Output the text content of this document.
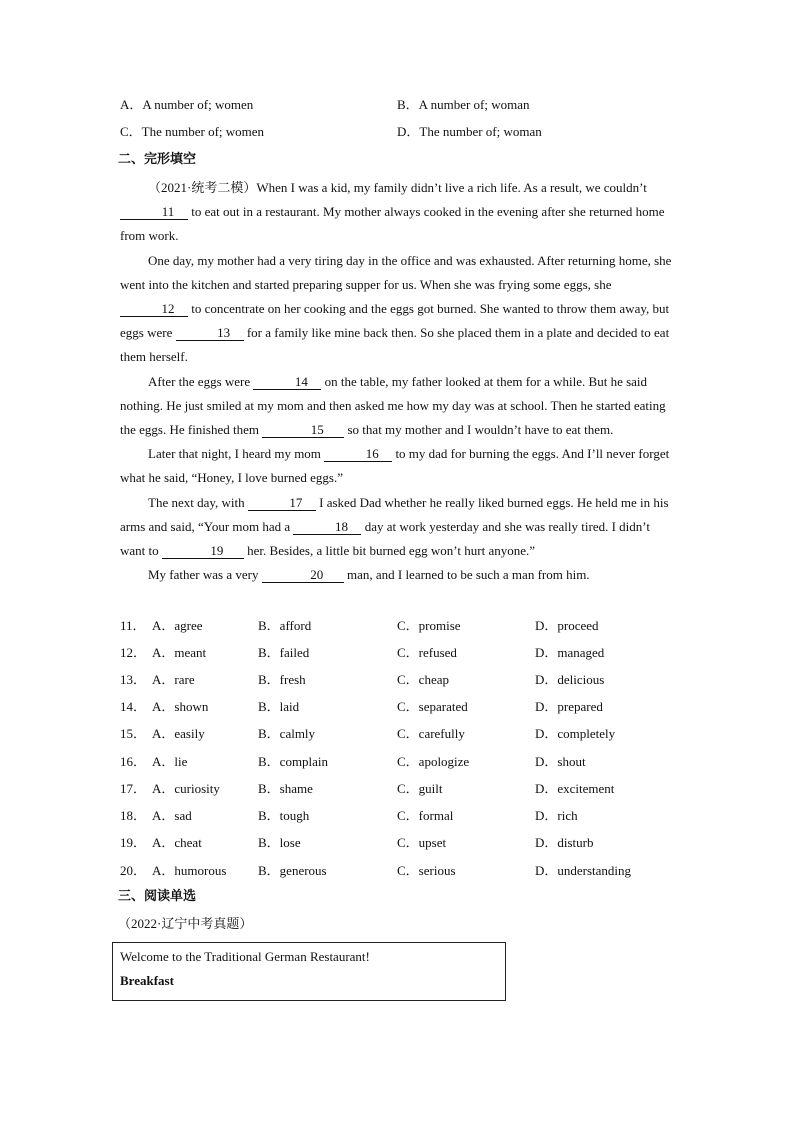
A．A number of; women	B．A number of; woman
C．The number of; women	D．The number of; woman
二、完形填空

（2021·统考二模）When I was a kid, my family didn’t live a rich life. As a result, we couldn’t 11 to eat out in a restaurant. My mother always cooked in the evening after she returned home from work.

One day, my mother had a very tiring day in the office and was exhausted. After returning home, she went into the kitchen and started preparing supper for us. When she was frying some eggs, she 12 to concentrate on her cooking and the eggs got burned. She wanted to throw them away, but eggs were	13 for a family like mine back then. So she placed them in a plate and decided to eat them herself.

After the eggs were	14 on the table, my father looked at them for a while. But he said nothing. He just smiled at my mom and then asked me how my day was at school. Then he started eating the eggs. He finished them	15 so that my mother and I wouldn’t have to eat them.

Later that night, I heard my mom	16 to my dad for burning the eggs. And I’ll never forget what he said, “Honey, I love burned eggs.”

The next day, with	17 I asked Dad whether he really liked burned eggs. He held me in his arms and said, “Your mom had a	18 day at work yesterday and she was really tired. I didn’t want to	19 her. Besides, a little bit burned egg won’t hurt anyone.”

My father was a very	20 man, and I learned to be such a man from him.

11． A．agree	B．afford	C．promise	D．proceed
12． A．meant	B．failed	C．refused	D．managed
13． A．rare	B．fresh	C．cheap	D．delicious
14． A．shown	B．laid	C．separated	D．prepared
15． A．easily	B．calmly	C．carefully	D．completely
16． A．lie	B．complain	C．apologize	D．shout
17． A．curiosity	B．shame	C．guilt	D．excitement
18． A．sad	B．tough	C．formal	D．rich
19． A．cheat	B．lose	C．upset	D．disturb
20． A．humorous B．generous	C．serious	D．understanding
三、阅读单选
（2022·辽宁中考真题）
Welcome to the Traditional German Restaurant!
Breakfast
